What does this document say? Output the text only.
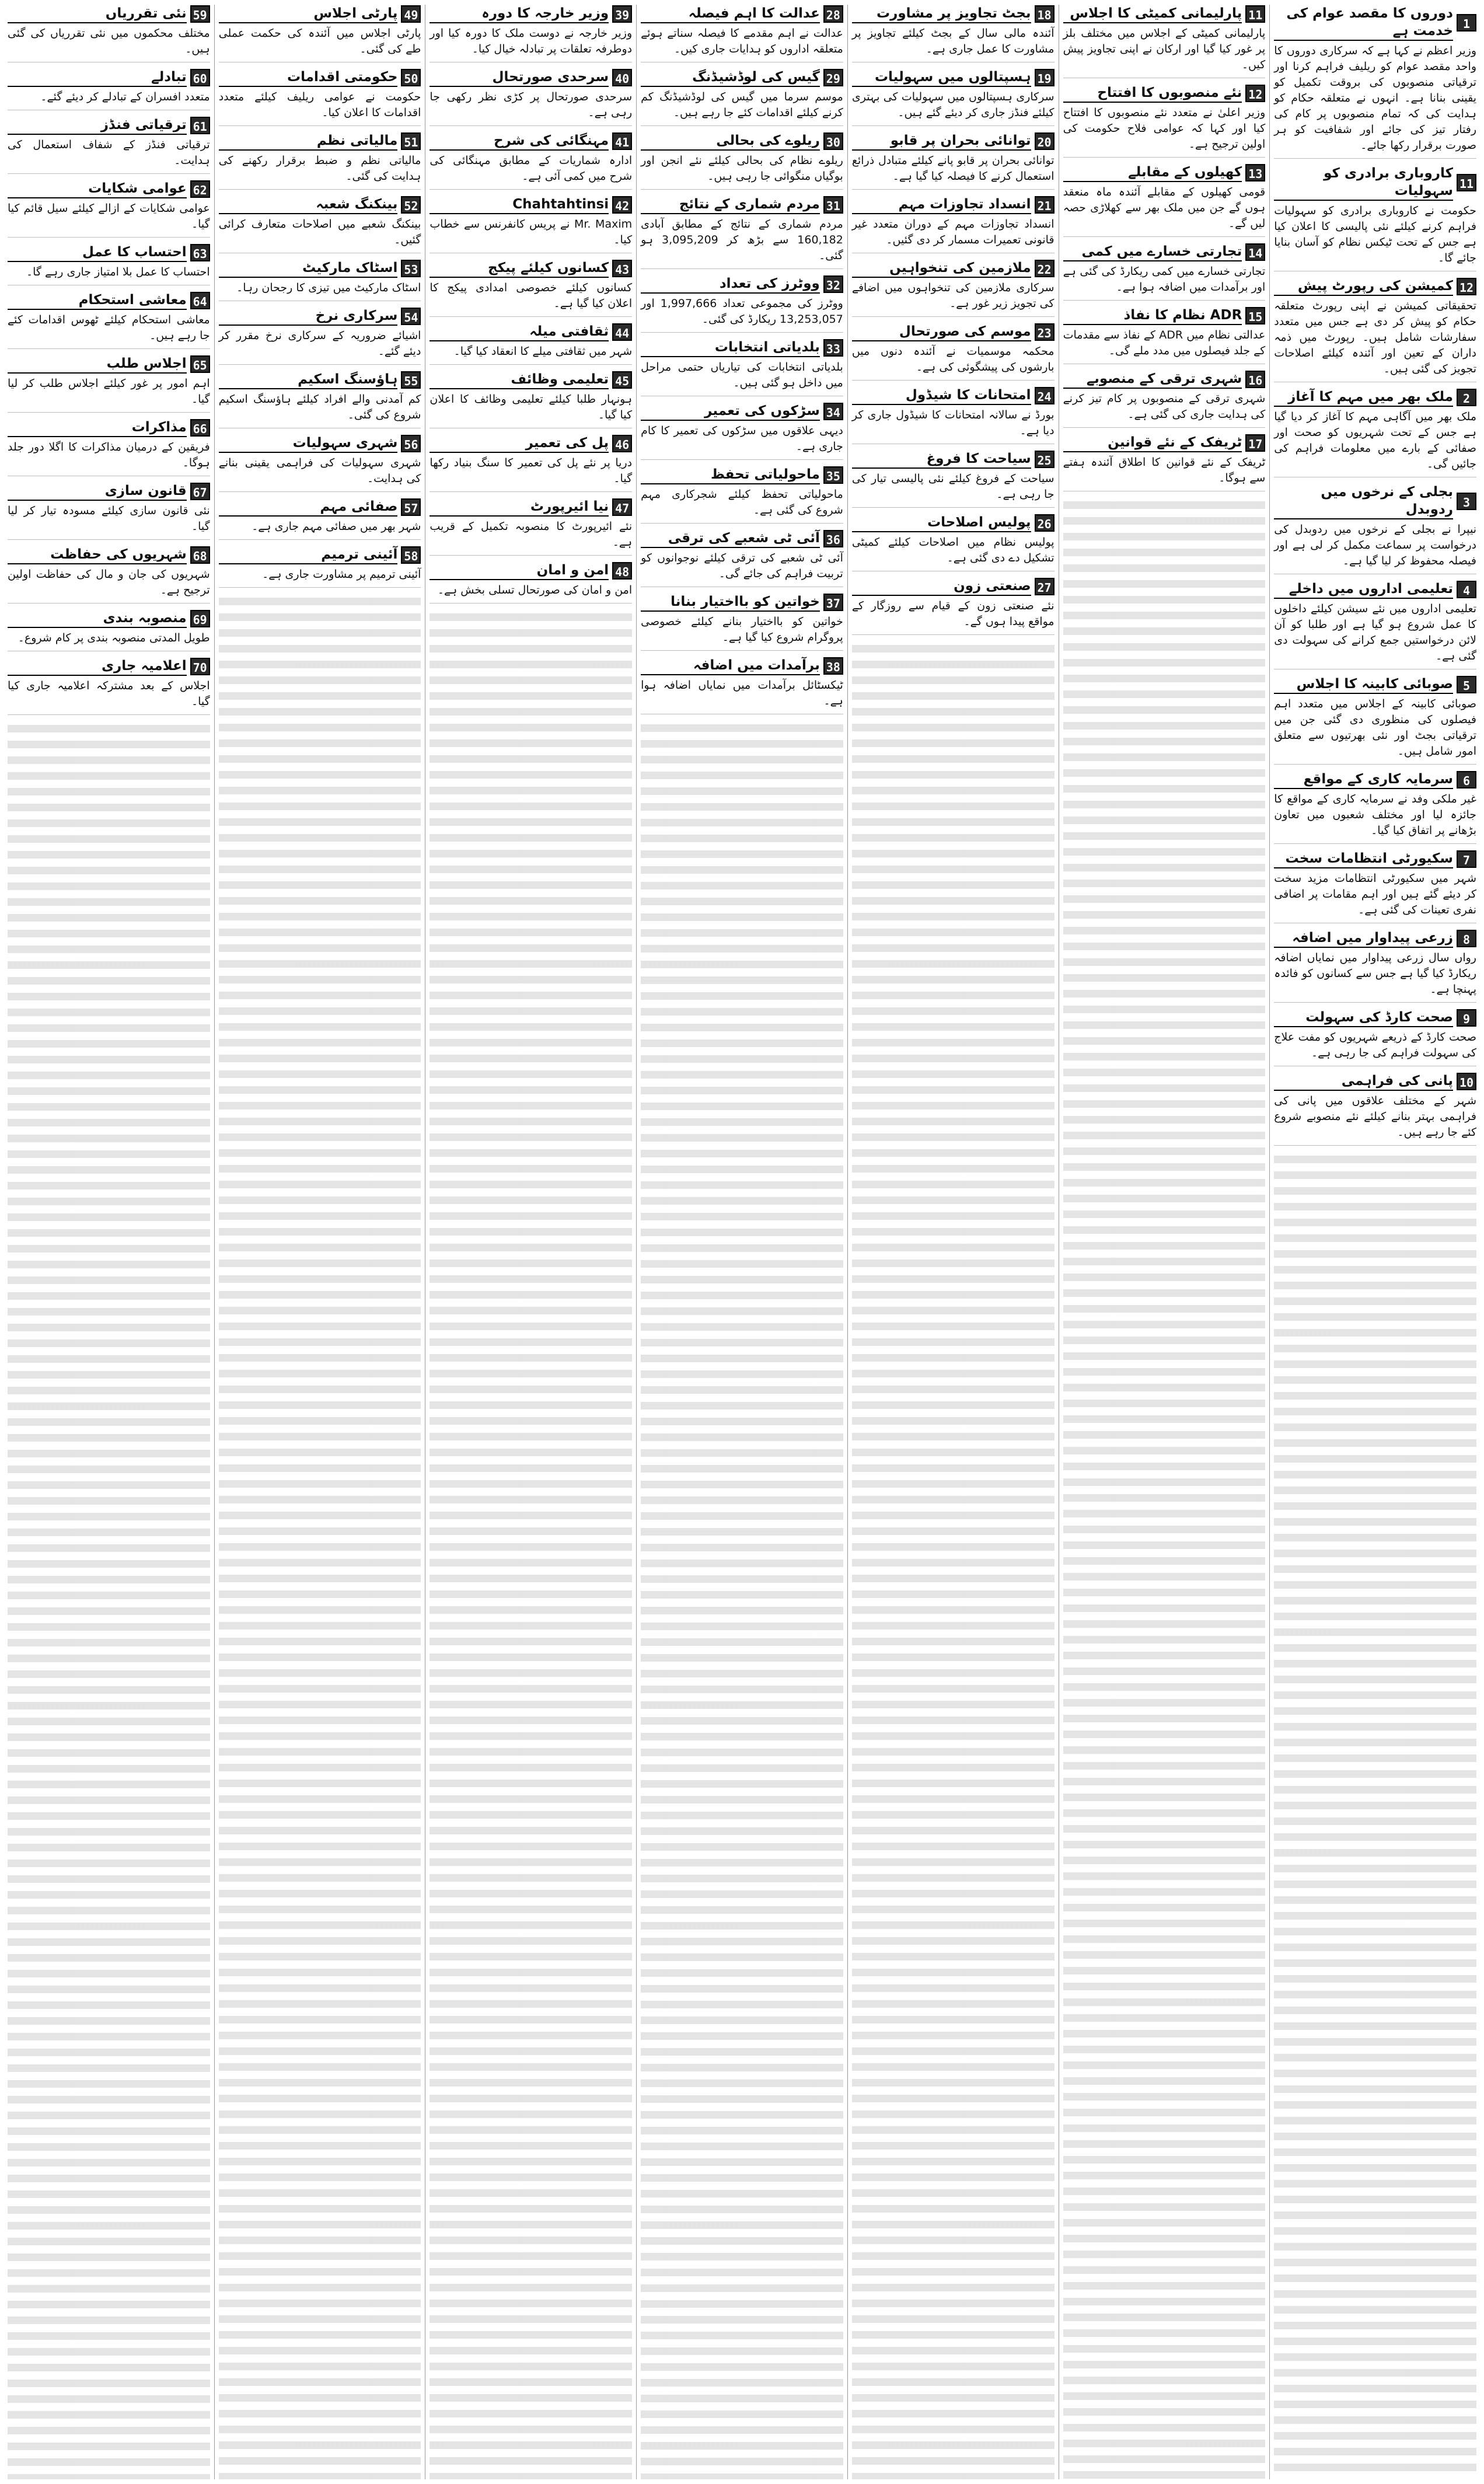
1
دوروں کا مقصد عوام کی خدمت ہے
وزیر اعظم نے کہا ہے کہ سرکاری دوروں کا واحد مقصد عوام کو ریلیف فراہم کرنا اور ترقیاتی منصوبوں کی بروقت تکمیل کو یقینی بنانا ہے۔ انہوں نے متعلقہ حکام کو ہدایت کی کہ تمام منصوبوں پر کام کی رفتار تیز کی جائے اور شفافیت کو ہر صورت برقرار رکھا جائے۔
11
کاروباری برادری کو سہولیات
حکومت نے کاروباری برادری کو سہولیات فراہم کرنے کیلئے نئی پالیسی کا اعلان کیا ہے جس کے تحت ٹیکس نظام کو آسان بنایا جائے گا۔
12
کمیشن کی رپورٹ پیش
تحقیقاتی کمیشن نے اپنی رپورٹ متعلقہ حکام کو پیش کر دی ہے جس میں متعدد سفارشات شامل ہیں۔ رپورٹ میں ذمہ داران کے تعین اور آئندہ کیلئے اصلاحات تجویز کی گئی ہیں۔
2
ملک بھر میں مہم کا آغاز
ملک بھر میں آگاہی مہم کا آغاز کر دیا گیا ہے جس کے تحت شہریوں کو صحت اور صفائی کے بارے میں معلومات فراہم کی جائیں گی۔
3
بجلی کے نرخوں میں ردوبدل
نیپرا نے بجلی کے نرخوں میں ردوبدل کی درخواست پر سماعت مکمل کر لی ہے اور فیصلہ محفوظ کر لیا گیا ہے۔
4
تعلیمی اداروں میں داخلے
تعلیمی اداروں میں نئے سیشن کیلئے داخلوں کا عمل شروع ہو گیا ہے اور طلبا کو آن لائن درخواستیں جمع کرانے کی سہولت دی گئی ہے۔
5
صوبائی کابینہ کا اجلاس
صوبائی کابینہ کے اجلاس میں متعدد اہم فیصلوں کی منظوری دی گئی جن میں ترقیاتی بجٹ اور نئی بھرتیوں سے متعلق امور شامل ہیں۔
6
سرمایہ کاری کے مواقع
غیر ملکی وفد نے سرمایہ کاری کے مواقع کا جائزہ لیا اور مختلف شعبوں میں تعاون بڑھانے پر اتفاق کیا گیا۔
7
سکیورٹی انتظامات سخت
شہر میں سکیورٹی انتظامات مزید سخت کر دیئے گئے ہیں اور اہم مقامات پر اضافی نفری تعینات کی گئی ہے۔
8
زرعی پیداوار میں اضافہ
رواں سال زرعی پیداوار میں نمایاں اضافہ ریکارڈ کیا گیا ہے جس سے کسانوں کو فائدہ پہنچا ہے۔
9
صحت کارڈ کی سہولت
صحت کارڈ کے ذریعے شہریوں کو مفت علاج کی سہولت فراہم کی جا رہی ہے۔
10
پانی کی فراہمی
شہر کے مختلف علاقوں میں پانی کی فراہمی بہتر بنانے کیلئے نئے منصوبے شروع کئے جا رہے ہیں۔
11
پارلیمانی کمیٹی کا اجلاس
پارلیمانی کمیٹی کے اجلاس میں مختلف بلز پر غور کیا گیا اور ارکان نے اپنی تجاویز پیش کیں۔
12
نئے منصوبوں کا افتتاح
وزیر اعلیٰ نے متعدد نئے منصوبوں کا افتتاح کیا اور کہا کہ عوامی فلاح حکومت کی اولین ترجیح ہے۔
13
کھیلوں کے مقابلے
قومی کھیلوں کے مقابلے آئندہ ماہ منعقد ہوں گے جن میں ملک بھر سے کھلاڑی حصہ لیں گے۔
14
تجارتی خسارے میں کمی
تجارتی خسارے میں کمی ریکارڈ کی گئی ہے اور برآمدات میں اضافہ ہوا ہے۔
15
ADR نظام کا نفاذ
عدالتی نظام میں ADR کے نفاذ سے مقدمات کے جلد فیصلوں میں مدد ملے گی۔
16
شہری ترقی کے منصوبے
شہری ترقی کے منصوبوں پر کام تیز کرنے کی ہدایت جاری کی گئی ہے۔
17
ٹریفک کے نئے قوانین
ٹریفک کے نئے قوانین کا اطلاق آئندہ ہفتے سے ہوگا۔
18
بجٹ تجاویز پر مشاورت
آئندہ مالی سال کے بجٹ کیلئے تجاویز پر مشاورت کا عمل جاری ہے۔
19
ہسپتالوں میں سہولیات
سرکاری ہسپتالوں میں سہولیات کی بہتری کیلئے فنڈز جاری کر دیئے گئے ہیں۔
20
توانائی بحران پر قابو
توانائی بحران پر قابو پانے کیلئے متبادل ذرائع استعمال کرنے کا فیصلہ کیا گیا ہے۔
21
انسداد تجاوزات مہم
انسداد تجاوزات مہم کے دوران متعدد غیر قانونی تعمیرات مسمار کر دی گئیں۔
22
ملازمین کی تنخواہیں
سرکاری ملازمین کی تنخواہوں میں اضافے کی تجویز زیر غور ہے۔
23
موسم کی صورتحال
محکمہ موسمیات نے آئندہ دنوں میں بارشوں کی پیشگوئی کی ہے۔
24
امتحانات کا شیڈول
بورڈ نے سالانہ امتحانات کا شیڈول جاری کر دیا ہے۔
25
سیاحت کا فروغ
سیاحت کے فروغ کیلئے نئی پالیسی تیار کی جا رہی ہے۔
26
پولیس اصلاحات
پولیس نظام میں اصلاحات کیلئے کمیٹی تشکیل دے دی گئی ہے۔
27
صنعتی زون
نئے صنعتی زون کے قیام سے روزگار کے مواقع پیدا ہوں گے۔
28
عدالت کا اہم فیصلہ
عدالت نے اہم مقدمے کا فیصلہ سناتے ہوئے متعلقہ اداروں کو ہدایات جاری کیں۔
29
گیس کی لوڈشیڈنگ
موسم سرما میں گیس کی لوڈشیڈنگ کم کرنے کیلئے اقدامات کئے جا رہے ہیں۔
30
ریلوے کی بحالی
ریلوے نظام کی بحالی کیلئے نئے انجن اور بوگیاں منگوائی جا رہی ہیں۔
31
مردم شماری کے نتائج
مردم شماری کے نتائج کے مطابق آبادی 160,182 سے بڑھ کر 3,095,209 ہو گئی۔
32
ووٹرز کی تعداد
ووٹرز کی مجموعی تعداد 1,997,666 اور 13,253,057 ریکارڈ کی گئی۔
33
بلدیاتی انتخابات
بلدیاتی انتخابات کی تیاریاں حتمی مراحل میں داخل ہو گئی ہیں۔
34
سڑکوں کی تعمیر
دیہی علاقوں میں سڑکوں کی تعمیر کا کام جاری ہے۔
35
ماحولیاتی تحفظ
ماحولیاتی تحفظ کیلئے شجرکاری مہم شروع کی گئی ہے۔
36
آئی ٹی شعبے کی ترقی
آئی ٹی شعبے کی ترقی کیلئے نوجوانوں کو تربیت فراہم کی جائے گی۔
37
خواتین کو بااختیار بنانا
خواتین کو بااختیار بنانے کیلئے خصوصی پروگرام شروع کیا گیا ہے۔
38
برآمدات میں اضافہ
ٹیکسٹائل برآمدات میں نمایاں اضافہ ہوا ہے۔
39
وزیر خارجہ کا دورہ
وزیر خارجہ نے دوست ملک کا دورہ کیا اور دوطرفہ تعلقات پر تبادلہ خیال کیا۔
40
سرحدی صورتحال
سرحدی صورتحال پر کڑی نظر رکھی جا رہی ہے۔
41
مہنگائی کی شرح
ادارہ شماریات کے مطابق مہنگائی کی شرح میں کمی آئی ہے۔
42
Chahtahtinsi
Mr. Maxim نے پریس کانفرنس سے خطاب کیا۔
43
کسانوں کیلئے پیکج
کسانوں کیلئے خصوصی امدادی پیکج کا اعلان کیا گیا ہے۔
44
ثقافتی میلہ
شہر میں ثقافتی میلے کا انعقاد کیا گیا۔
45
تعلیمی وظائف
ہونہار طلبا کیلئے تعلیمی وظائف کا اعلان کیا گیا۔
46
پل کی تعمیر
دریا پر نئے پل کی تعمیر کا سنگ بنیاد رکھا گیا۔
47
نیا ائیرپورٹ
نئے ائیرپورٹ کا منصوبہ تکمیل کے قریب ہے۔
48
امن و امان
امن و امان کی صورتحال تسلی بخش ہے۔
49
پارٹی اجلاس
پارٹی اجلاس میں آئندہ کی حکمت عملی طے کی گئی۔
50
حکومتی اقدامات
حکومت نے عوامی ریلیف کیلئے متعدد اقدامات کا اعلان کیا۔
51
مالیاتی نظم
مالیاتی نظم و ضبط برقرار رکھنے کی ہدایت کی گئی۔
52
بینکنگ شعبہ
بینکنگ شعبے میں اصلاحات متعارف کرائی گئیں۔
53
اسٹاک مارکیٹ
اسٹاک مارکیٹ میں تیزی کا رجحان رہا۔
54
سرکاری نرخ
اشیائے ضروریہ کے سرکاری نرخ مقرر کر دیئے گئے۔
55
ہاؤسنگ اسکیم
کم آمدنی والے افراد کیلئے ہاؤسنگ اسکیم شروع کی گئی۔
56
شہری سہولیات
شہری سہولیات کی فراہمی یقینی بنانے کی ہدایت۔
57
صفائی مہم
شہر بھر میں صفائی مہم جاری ہے۔
58
آئینی ترمیم
آئینی ترمیم پر مشاورت جاری ہے۔
59
نئی تقرریاں
مختلف محکموں میں نئی تقرریاں کی گئی ہیں۔
60
تبادلے
متعدد افسران کے تبادلے کر دیئے گئے۔
61
ترقیاتی فنڈز
ترقیاتی فنڈز کے شفاف استعمال کی ہدایت۔
62
عوامی شکایات
عوامی شکایات کے ازالے کیلئے سیل قائم کیا گیا۔
63
احتساب کا عمل
احتساب کا عمل بلا امتیاز جاری رہے گا۔
64
معاشی استحکام
معاشی استحکام کیلئے ٹھوس اقدامات کئے جا رہے ہیں۔
65
اجلاس طلب
اہم امور پر غور کیلئے اجلاس طلب کر لیا گیا۔
66
مذاکرات
فریقین کے درمیان مذاکرات کا اگلا دور جلد ہوگا۔
67
قانون سازی
نئی قانون سازی کیلئے مسودہ تیار کر لیا گیا۔
68
شہریوں کی حفاظت
شہریوں کی جان و مال کی حفاظت اولین ترجیح ہے۔
69
منصوبہ بندی
طویل المدتی منصوبہ بندی پر کام شروع۔
70
اعلامیہ جاری
اجلاس کے بعد مشترکہ اعلامیہ جاری کیا گیا۔
